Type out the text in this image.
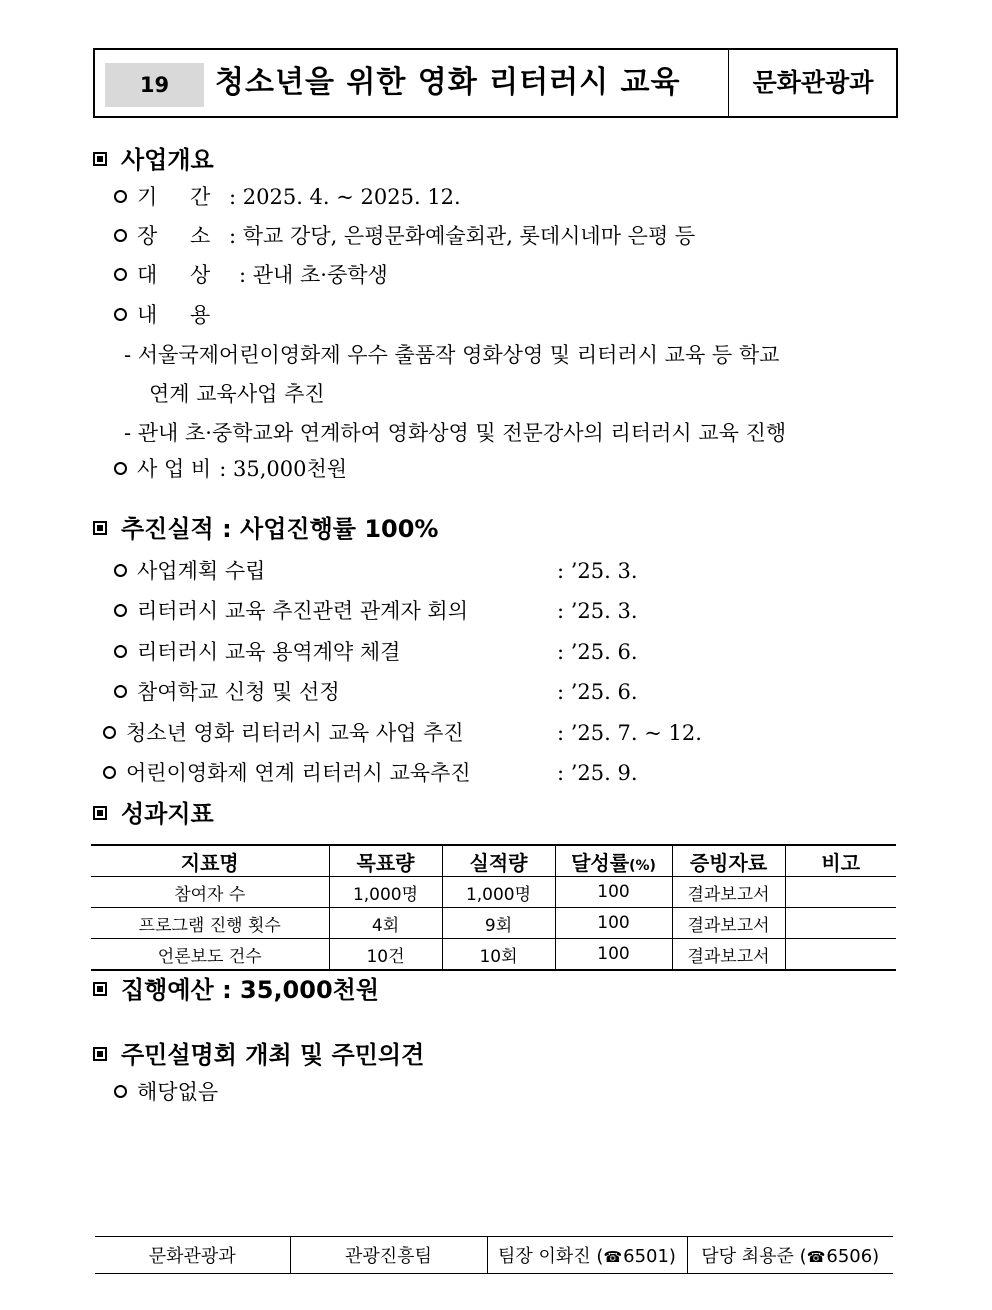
19	청소년을 위한 영화 리터러시 교육	문화관광과
사업개요
기 간 : 2025. 4. ~ 2025. 12.
장 소 : 학교 강당, 은평문화예술회관, 롯데시네마 은평 등
대 상 : 관내 초·중학생
내 용
- 서울국제어린이영화제 우수 출품작 영화상영 및 리터러시 교육 등 학교
연계 교육사업 추진
- 관내 초·중학교와 연계하여 영화상영 및 전문강사의 리터러시 교육 진행
사 업 비 : 35,000천원
추진실적 : 사업진행률 100%
사업계획 수립	: ’25. 3.
리터러시 교육 추진관련 관계자 회의	: ’25. 3.
리터러시 교육 용역계약 체결	: ’25. 6.
참여학교 신청 및 선정	: ’25. 6.
청소년 영화 리터러시 교육 사업 추진	: ’25. 7. ~ 12.
어린이영화제 연계 리터러시 교육추진	: ’25. 9.
성과지표
지표명	목표량	실적량	달성률(%)	증빙자료	비고
참여자 수	1,000명	1,000명	100	결과보고서	
프로그램 진행 횟수	4회	9회	100	결과보고서	
언론보도 건수	10건	10회	100	결과보고서	
집행예산 : 35,000천원
주민설명회 개최 및 주민의견
해당없음
문화관광과	관광진흥팀	팀장 이화진 (☎6501)	담당 최용준 (☎6506)
